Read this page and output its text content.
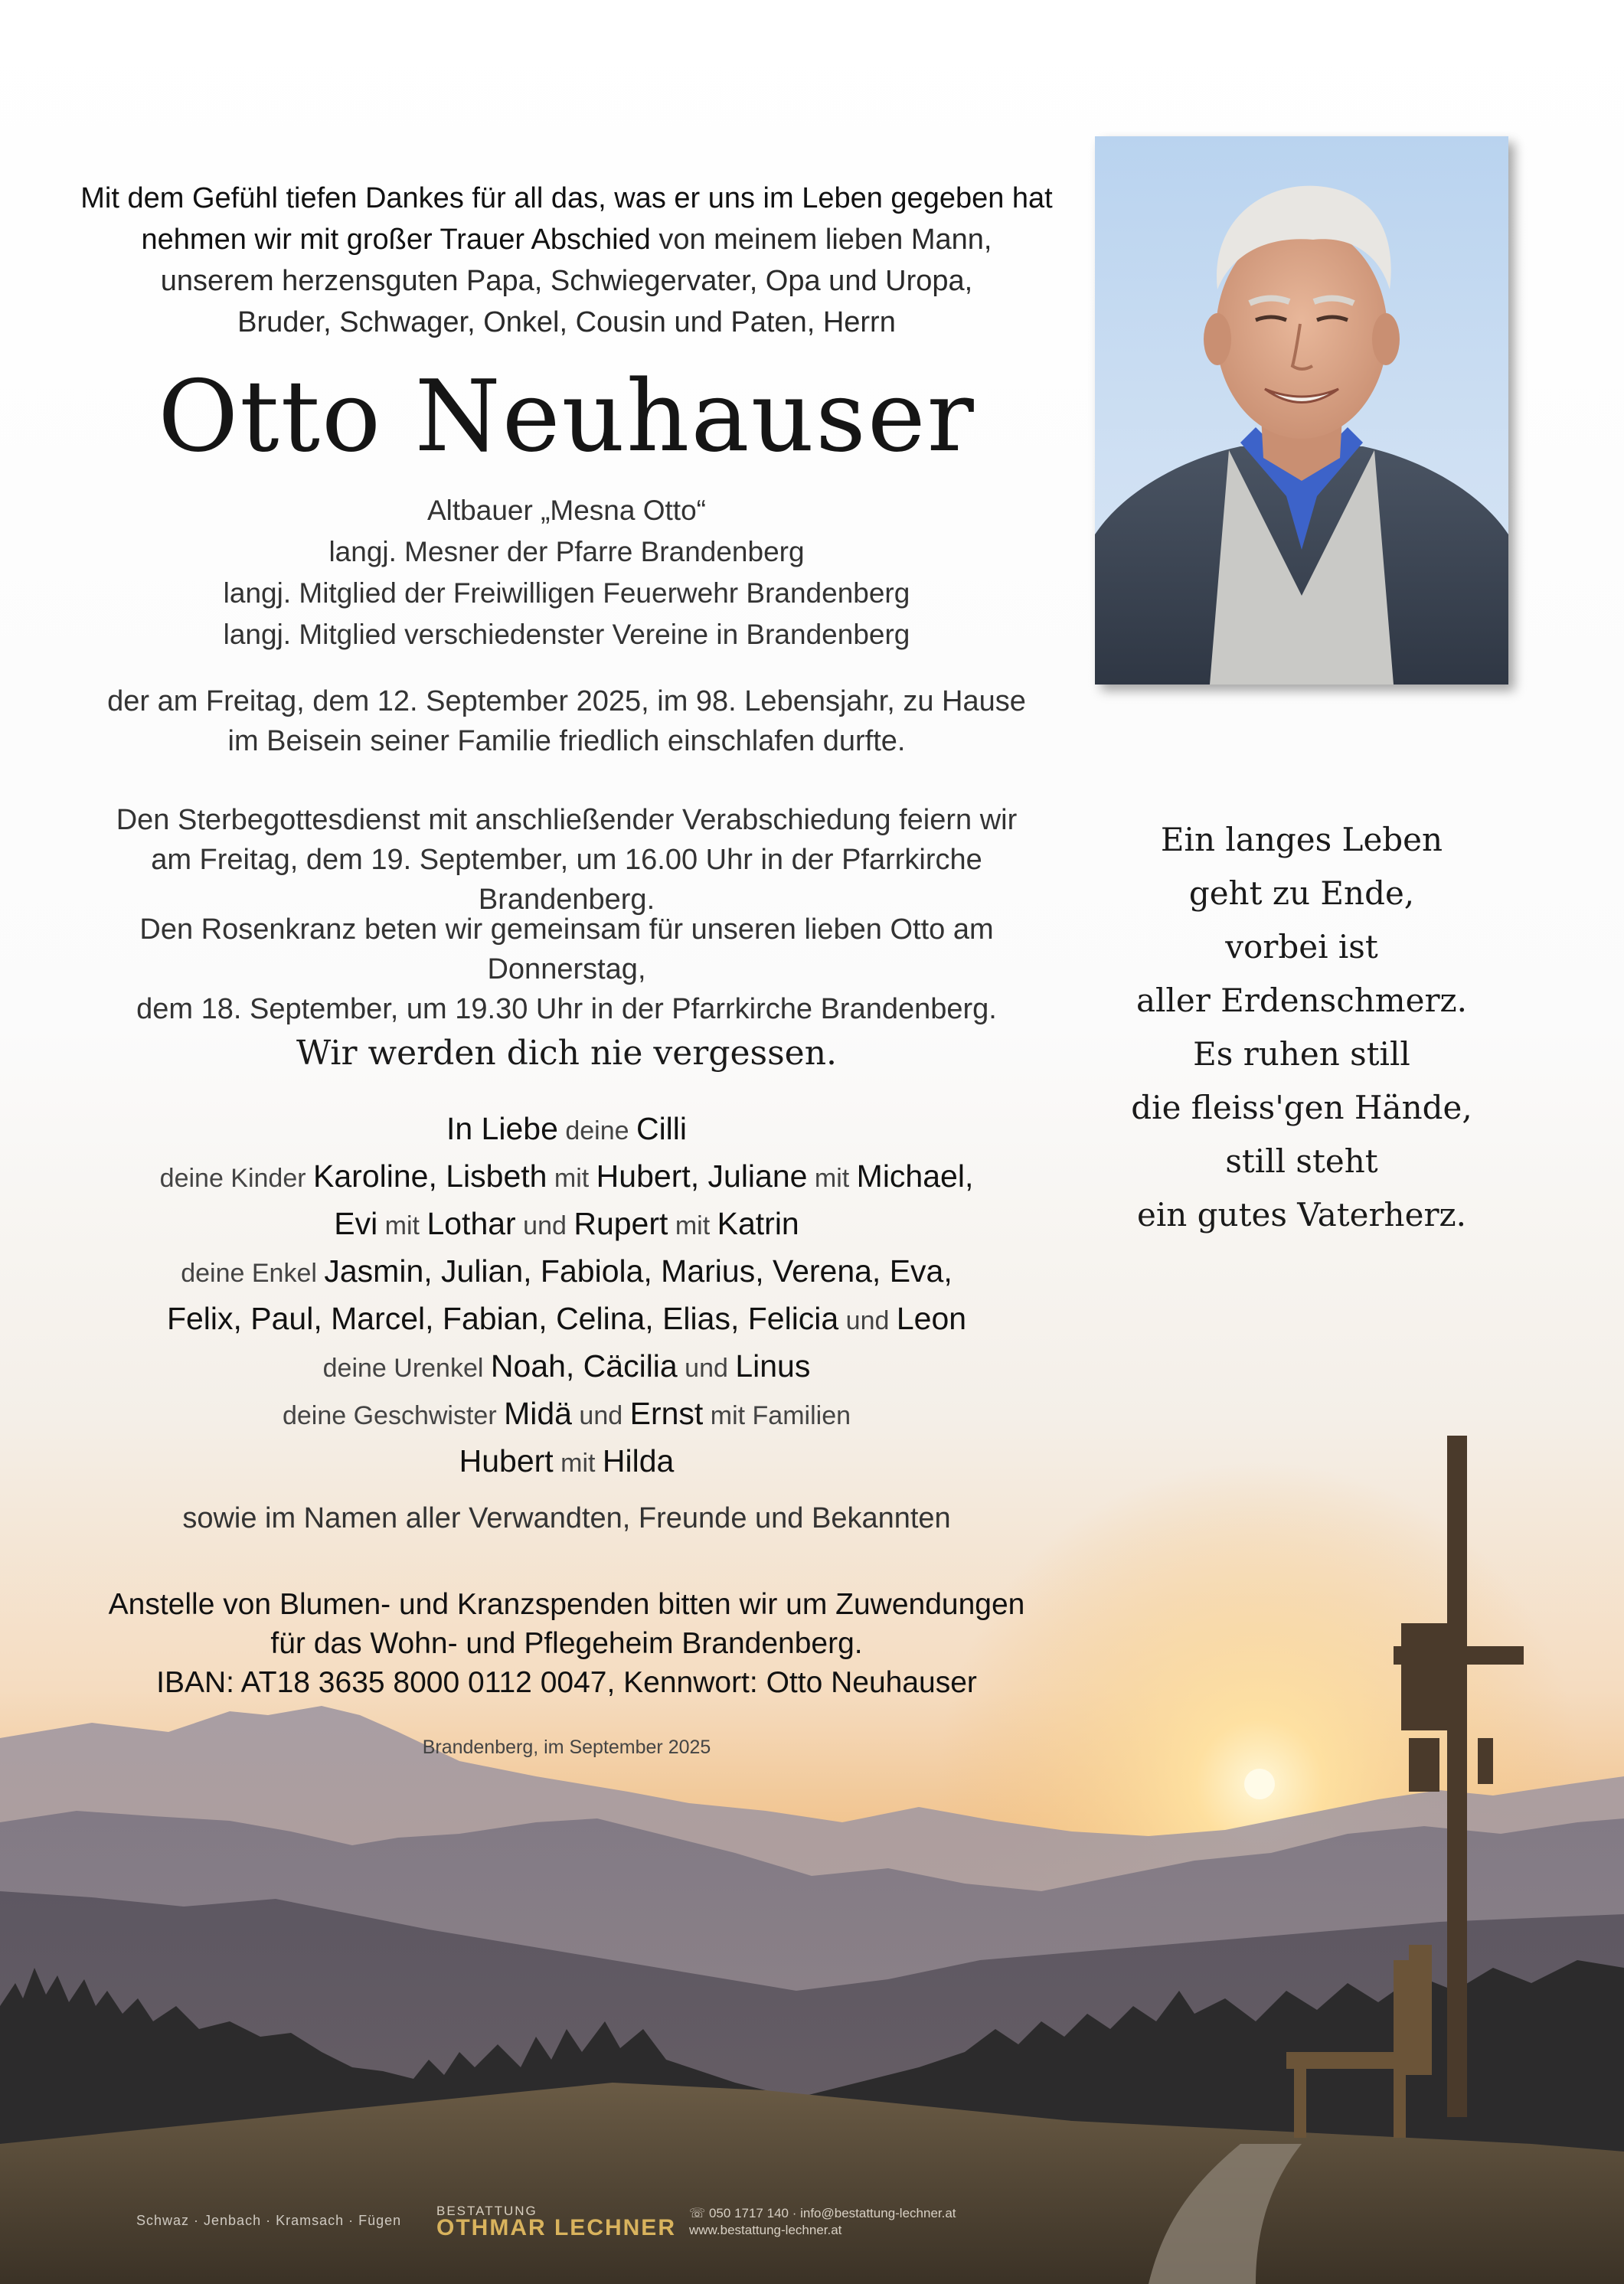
Mit dem Gefühl tiefen Dankes für all das, was er uns im Leben gegeben hat
nehmen wir mit großer Trauer Abschied von meinem lieben Mann,
unserem herzensguten Papa, Schwiegervater, Opa und Uropa,
Bruder, Schwager, Onkel, Cousin und Paten, Herrn
Otto Neuhauser
Altbauer „Mesna Otto“
langj. Mesner der Pfarre Brandenberg
langj. Mitglied der Freiwilligen Feuerwehr Brandenberg
langj. Mitglied verschiedenster Vereine in Brandenberg
der am Freitag, dem 12. September 2025, im 98. Lebensjahr, zu Hause
im Beisein seiner Familie friedlich einschlafen durfte.
Den Sterbegottesdienst mit anschließender Verabschiedung feiern wir
am Freitag, dem 19. September, um 16.00 Uhr in der Pfarrkirche Brandenberg.
Den Rosenkranz beten wir gemeinsam für unseren lieben Otto am Donnerstag,
dem 18. September, um 19.30 Uhr in der Pfarrkirche Brandenberg.
Wir werden dich nie vergessen.
In Liebe deine Cilli
deine Kinder Karoline, Lisbeth mit Hubert, Juliane mit Michael,
Evi mit Lothar und Rupert mit Katrin
deine Enkel Jasmin, Julian, Fabiola, Marius, Verena, Eva,
Felix, Paul, Marcel, Fabian, Celina, Elias, Felicia und Leon
deine Urenkel Noah, Cäcilia und Linus
deine Geschwister Midä und Ernst mit Familien
Hubert mit Hilda
sowie im Namen aller Verwandten, Freunde und Bekannten
Anstelle von Blumen- und Kranzspenden bitten wir um Zuwendungen
für das Wohn- und Pflegeheim Brandenberg.
IBAN: AT18 3635 8000 0112 0047, Kennwort: Otto Neuhauser
Brandenberg, im September 2025
Ein langes Leben
geht zu Ende,
vorbei ist
aller Erdenschmerz.
Es ruhen still
die fleiss'gen Hände,
still steht
ein gutes Vaterherz.
Schwaz · Jenbach · Kramsach · Fügen
BESTATTUNG
OTHMAR LECHNER
☏ 050 1717 140 · info@bestattung-lechner.at
www.bestattung-lechner.at
